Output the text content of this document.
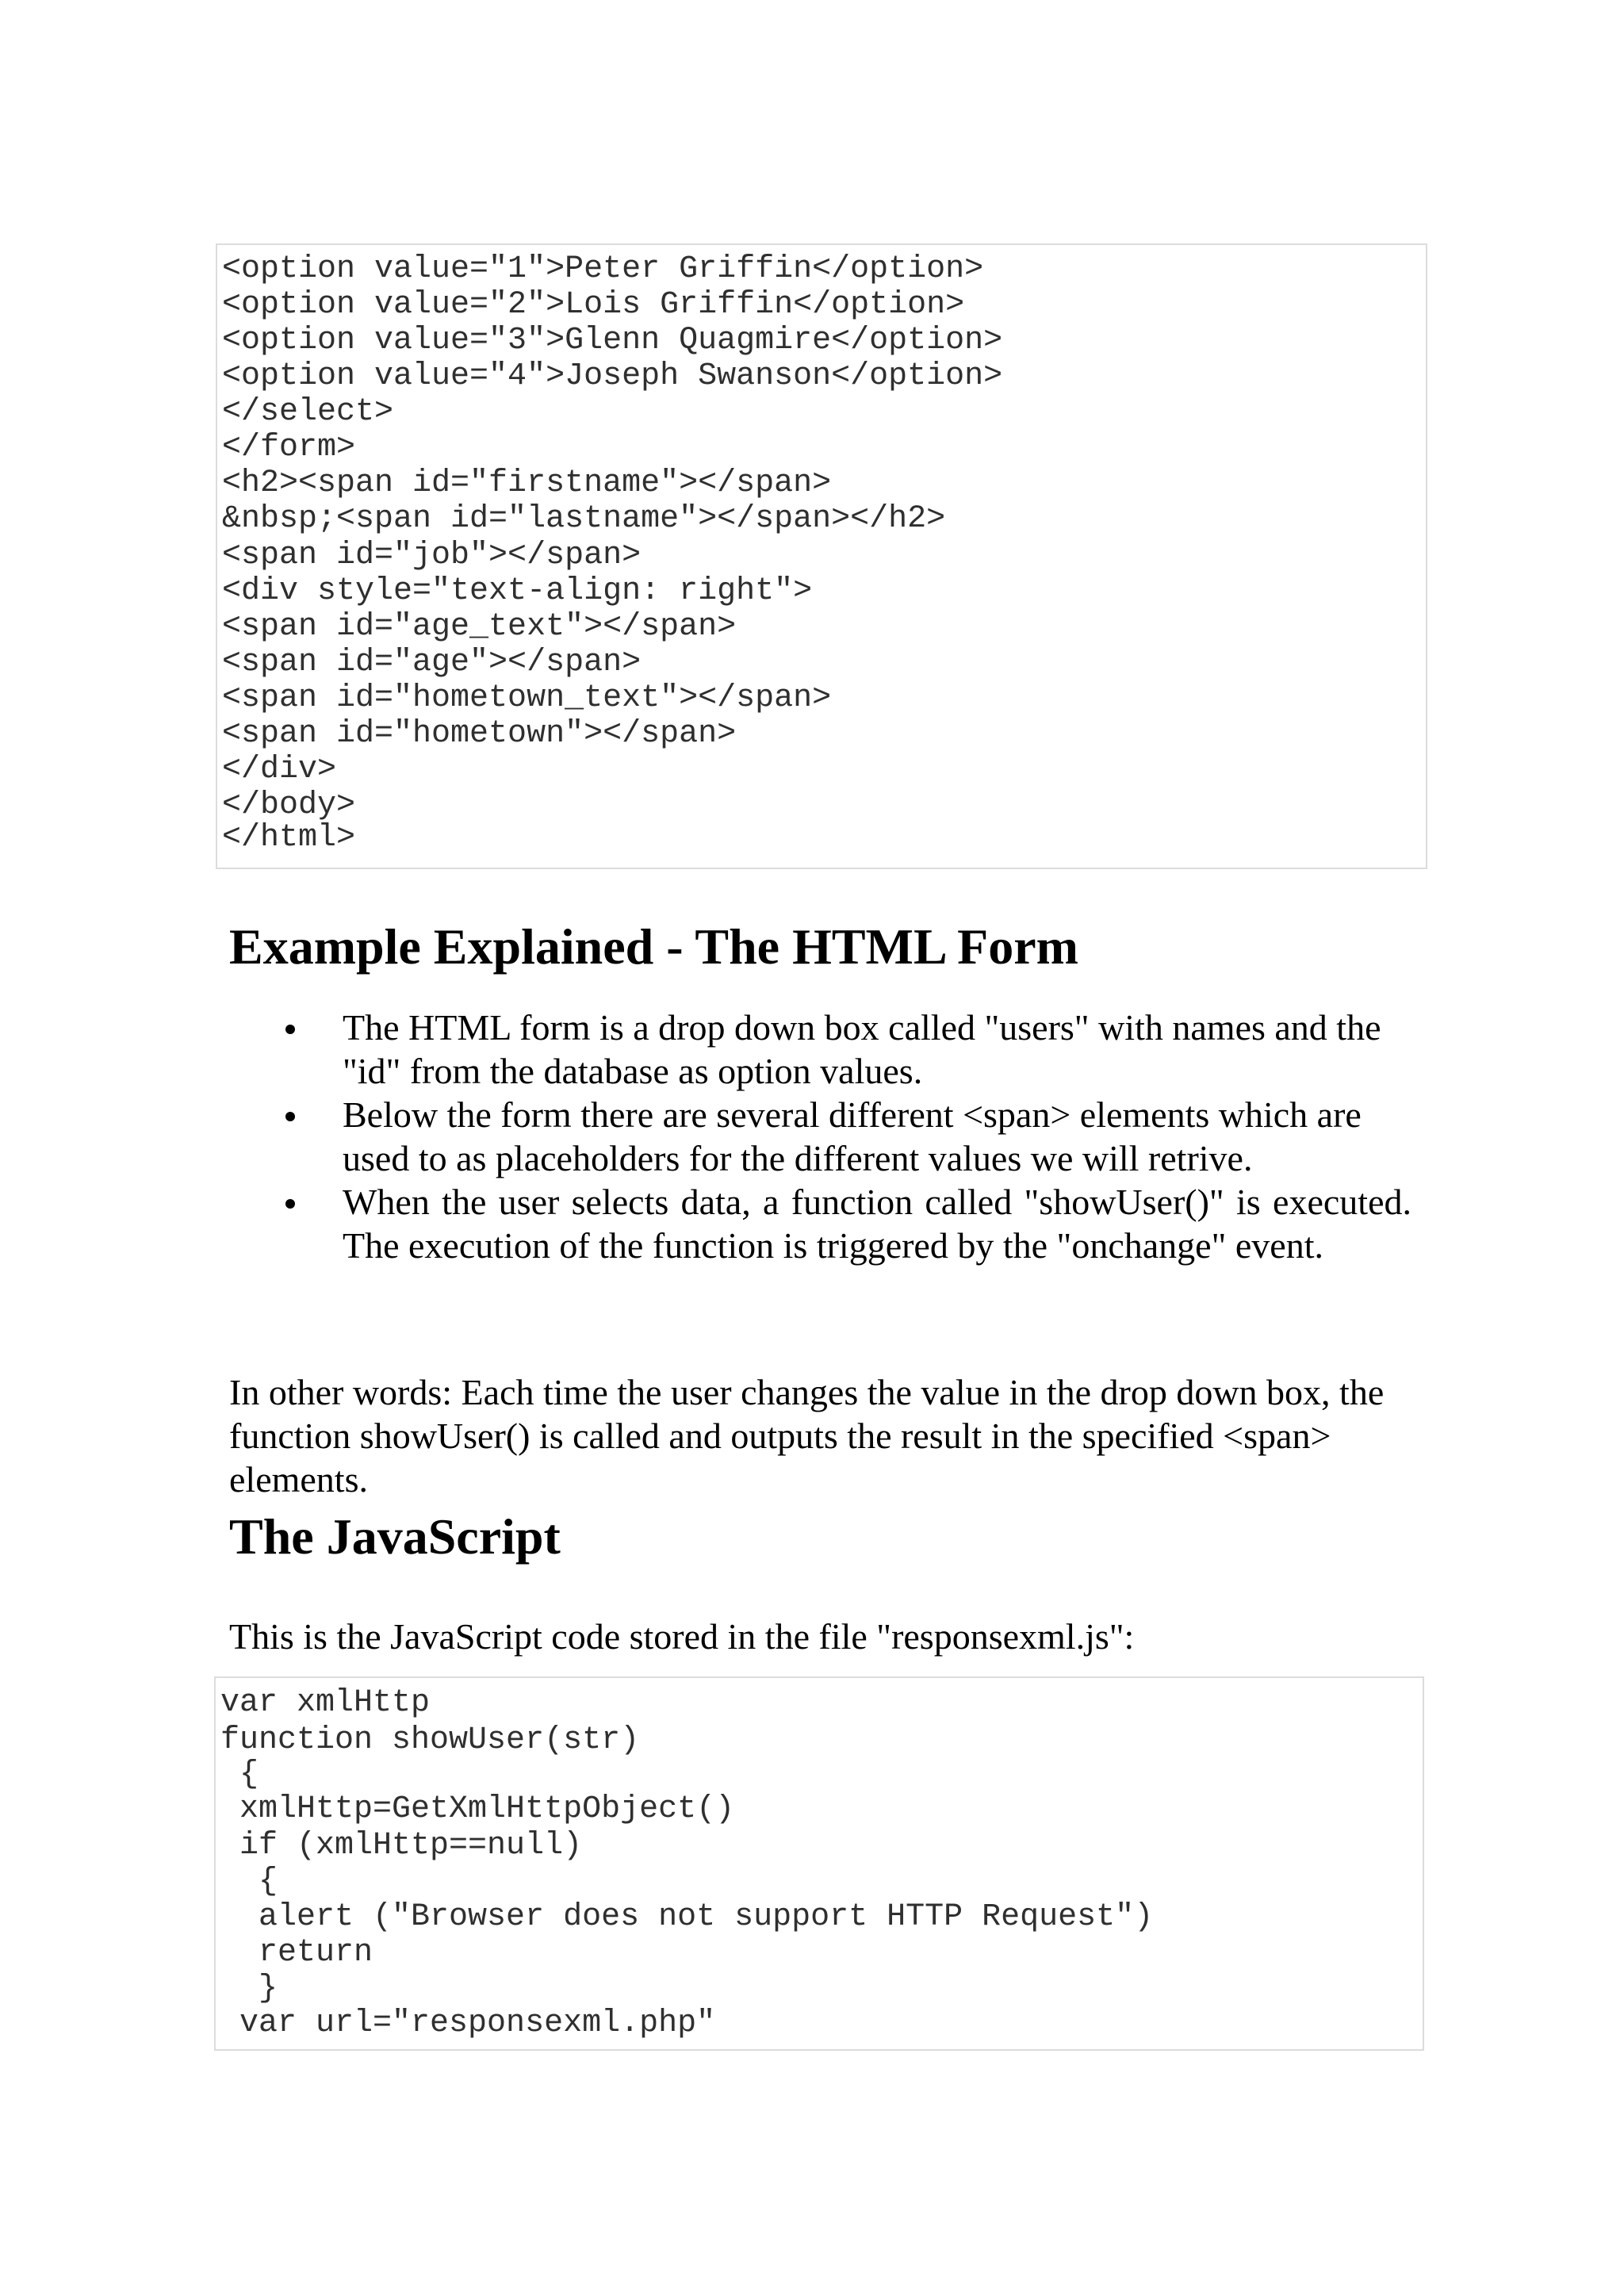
<option value="1">Peter Griffin</option>
<option value="2">Lois Griffin</option>
<option value="3">Glenn Quagmire</option>
<option value="4">Joseph Swanson</option>
</select>
</form>
<h2><span id="firstname"></span>
&nbsp;<span id="lastname"></span></h2>
<span id="job"></span>
<div style="text-align: right">
<span id="age_text"></span>
<span id="age"></span>
<span id="hometown_text"></span>
<span id="hometown"></span>
</div>
</body>
</html>
Example Explained - The HTML Form
The HTML form is a drop down box called "users" with names and the "id" from the database as option values.
Below the form there are several different <span> elements which are used to as placeholders for the different values we will retrive.
When the user selects data, a function called "showUser()" is executed. The execution of the function is triggered by the "onchange" event.

In other words: Each time the user changes the value in the drop down box, the function showUser() is called and outputs the result in the specified <span> elements.

The JavaScript

This is the JavaScript code stored in the file "responsexml.js":

var xmlHttp
function showUser(str)
{
xmlHttp=GetXmlHttpObject()
if (xmlHttp==null)
{
alert ("Browser does not support HTTP Request")
return
}
var url="responsexml.php"
